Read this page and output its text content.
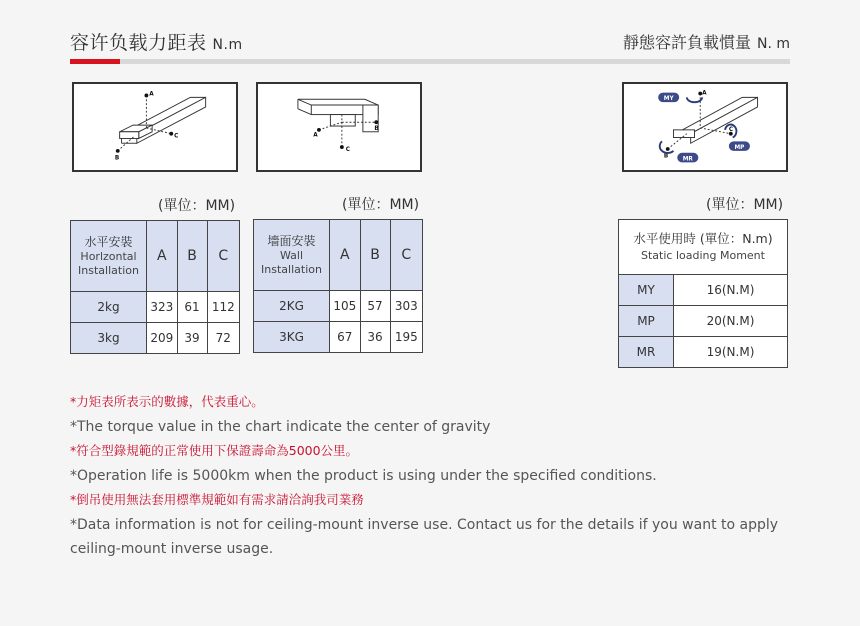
容许负载力距表 N.m	靜態容許負載慣量 N. m
A
C
B
A
B
C
A
C
B
MY
MP
MR
(單位：MM)	(單位：MM)	(單位：MM)
水平安裝
Horlzontal
Installation	A	B	C
2kg	323	61	112
3kg	209	39	72
墻面安裝
Wall
Installation	A	B	C
2KG	105	57	303
3KG	67	36	195
水平使用時 (單位：N.m)
Static loading Moment	

MY	16(N.M)
MP	20(N.M)
MR	19(N.M)
*力矩表所表示的數據，代表重心。
*The torque value in the chart indicate the center of gravity
*符合型錄規範的正常使用下保證壽命為5000公里。
*Operation life is 5000km when the product is using under the specified conditions.
*倒吊使用無法套用標準規範如有需求請洽詢我司業務
*Data information is not for ceiling-mount inverse use. Contact us for the details if you want to apply ceiling-mount inverse usage.
